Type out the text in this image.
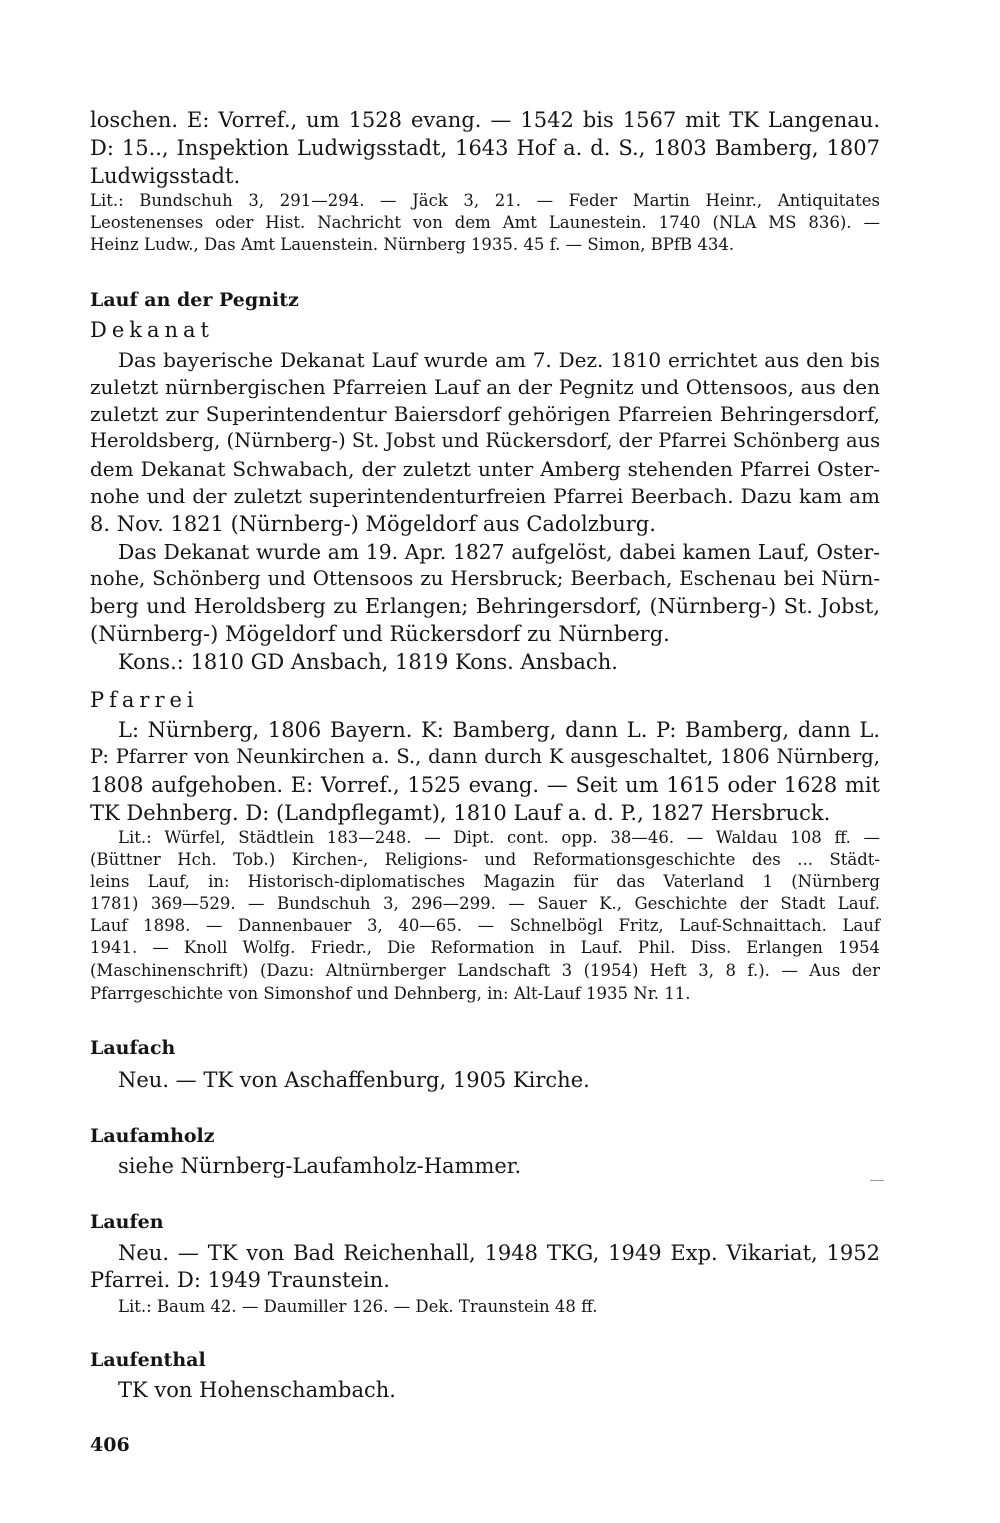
loschen. E: Vorref., um 1528 evang. — 1542 bis 1567 mit TK Langenau.
D: 15.., Inspektion Ludwigsstadt, 1643 Hof a. d. S., 1803 Bamberg, 1807
Ludwigsstadt.
Lit.: Bundschuh 3, 291—294. — Jäck 3, 21. — Feder Martin Heinr., Antiquitates
Leostenenses oder Hist. Nachricht von dem Amt Launestein. 1740 (NLA MS 836). —
Heinz Ludw., Das Amt Lauenstein. Nürnberg 1935. 45 f. — Simon, BPfB 434.
Lauf an der Pegnitz
Dekanat
Das bayerische Dekanat Lauf wurde am 7. Dez. 1810 errichtet aus den bis
zuletzt nürnbergischen Pfarreien Lauf an der Pegnitz und Ottensoos, aus den
zuletzt zur Superintendentur Baiersdorf gehörigen Pfarreien Behringersdorf,
Heroldsberg, (Nürnberg-) St. Jobst und Rückersdorf, der Pfarrei Schönberg aus
dem Dekanat Schwabach, der zuletzt unter Amberg stehenden Pfarrei Oster-
nohe und der zuletzt superintendenturfreien Pfarrei Beerbach. Dazu kam am
8. Nov. 1821 (Nürnberg-) Mögeldorf aus Cadolzburg.
Das Dekanat wurde am 19. Apr. 1827 aufgelöst, dabei kamen Lauf, Oster-
nohe, Schönberg und Ottensoos zu Hersbruck; Beerbach, Eschenau bei Nürn-
berg und Heroldsberg zu Erlangen; Behringersdorf, (Nürnberg-) St. Jobst,
(Nürnberg-) Mögeldorf und Rückersdorf zu Nürnberg.
Kons.: 1810 GD Ansbach, 1819 Kons. Ansbach.
Pfarrei
L: Nürnberg, 1806 Bayern. K: Bamberg, dann L. P: Bamberg, dann L.
P: Pfarrer von Neunkirchen a. S., dann durch K ausgeschaltet, 1806 Nürnberg,
1808 aufgehoben. E: Vorref., 1525 evang. — Seit um 1615 oder 1628 mit
TK Dehnberg. D: (Landpflegamt), 1810 Lauf a. d. P., 1827 Hersbruck.
Lit.: Würfel, Städtlein 183—248. — Dipt. cont. opp. 38—46. — Waldau 108 ff. —
(Büttner Hch. Tob.) Kirchen-, Religions- und Reformationsgeschichte des ... Städt-
leins Lauf, in: Historisch-diplomatisches Magazin für das Vaterland 1 (Nürnberg
1781) 369—529. — Bundschuh 3, 296—299. — Sauer K., Geschichte der Stadt Lauf.
Lauf 1898. — Dannenbauer 3, 40—65. — Schnelbögl Fritz, Lauf-Schnaittach. Lauf
1941. — Knoll Wolfg. Friedr., Die Reformation in Lauf. Phil. Diss. Erlangen 1954
(Maschinenschrift) (Dazu: Altnürnberger Landschaft 3 (1954) Heft 3, 8 f.). — Aus der
Pfarrgeschichte von Simonshof und Dehnberg, in: Alt-Lauf 1935 Nr. 11.
Laufach
Neu. — TK von Aschaffenburg, 1905 Kirche.
Laufamholz
siehe Nürnberg-Laufamholz-Hammer.
Laufen
Neu. — TK von Bad Reichenhall, 1948 TKG, 1949 Exp. Vikariat, 1952
Pfarrei. D: 1949 Traunstein.
Lit.: Baum 42. — Daumiller 126. — Dek. Traunstein 48 ff.
Laufenthal
TK von Hohenschambach.
406
